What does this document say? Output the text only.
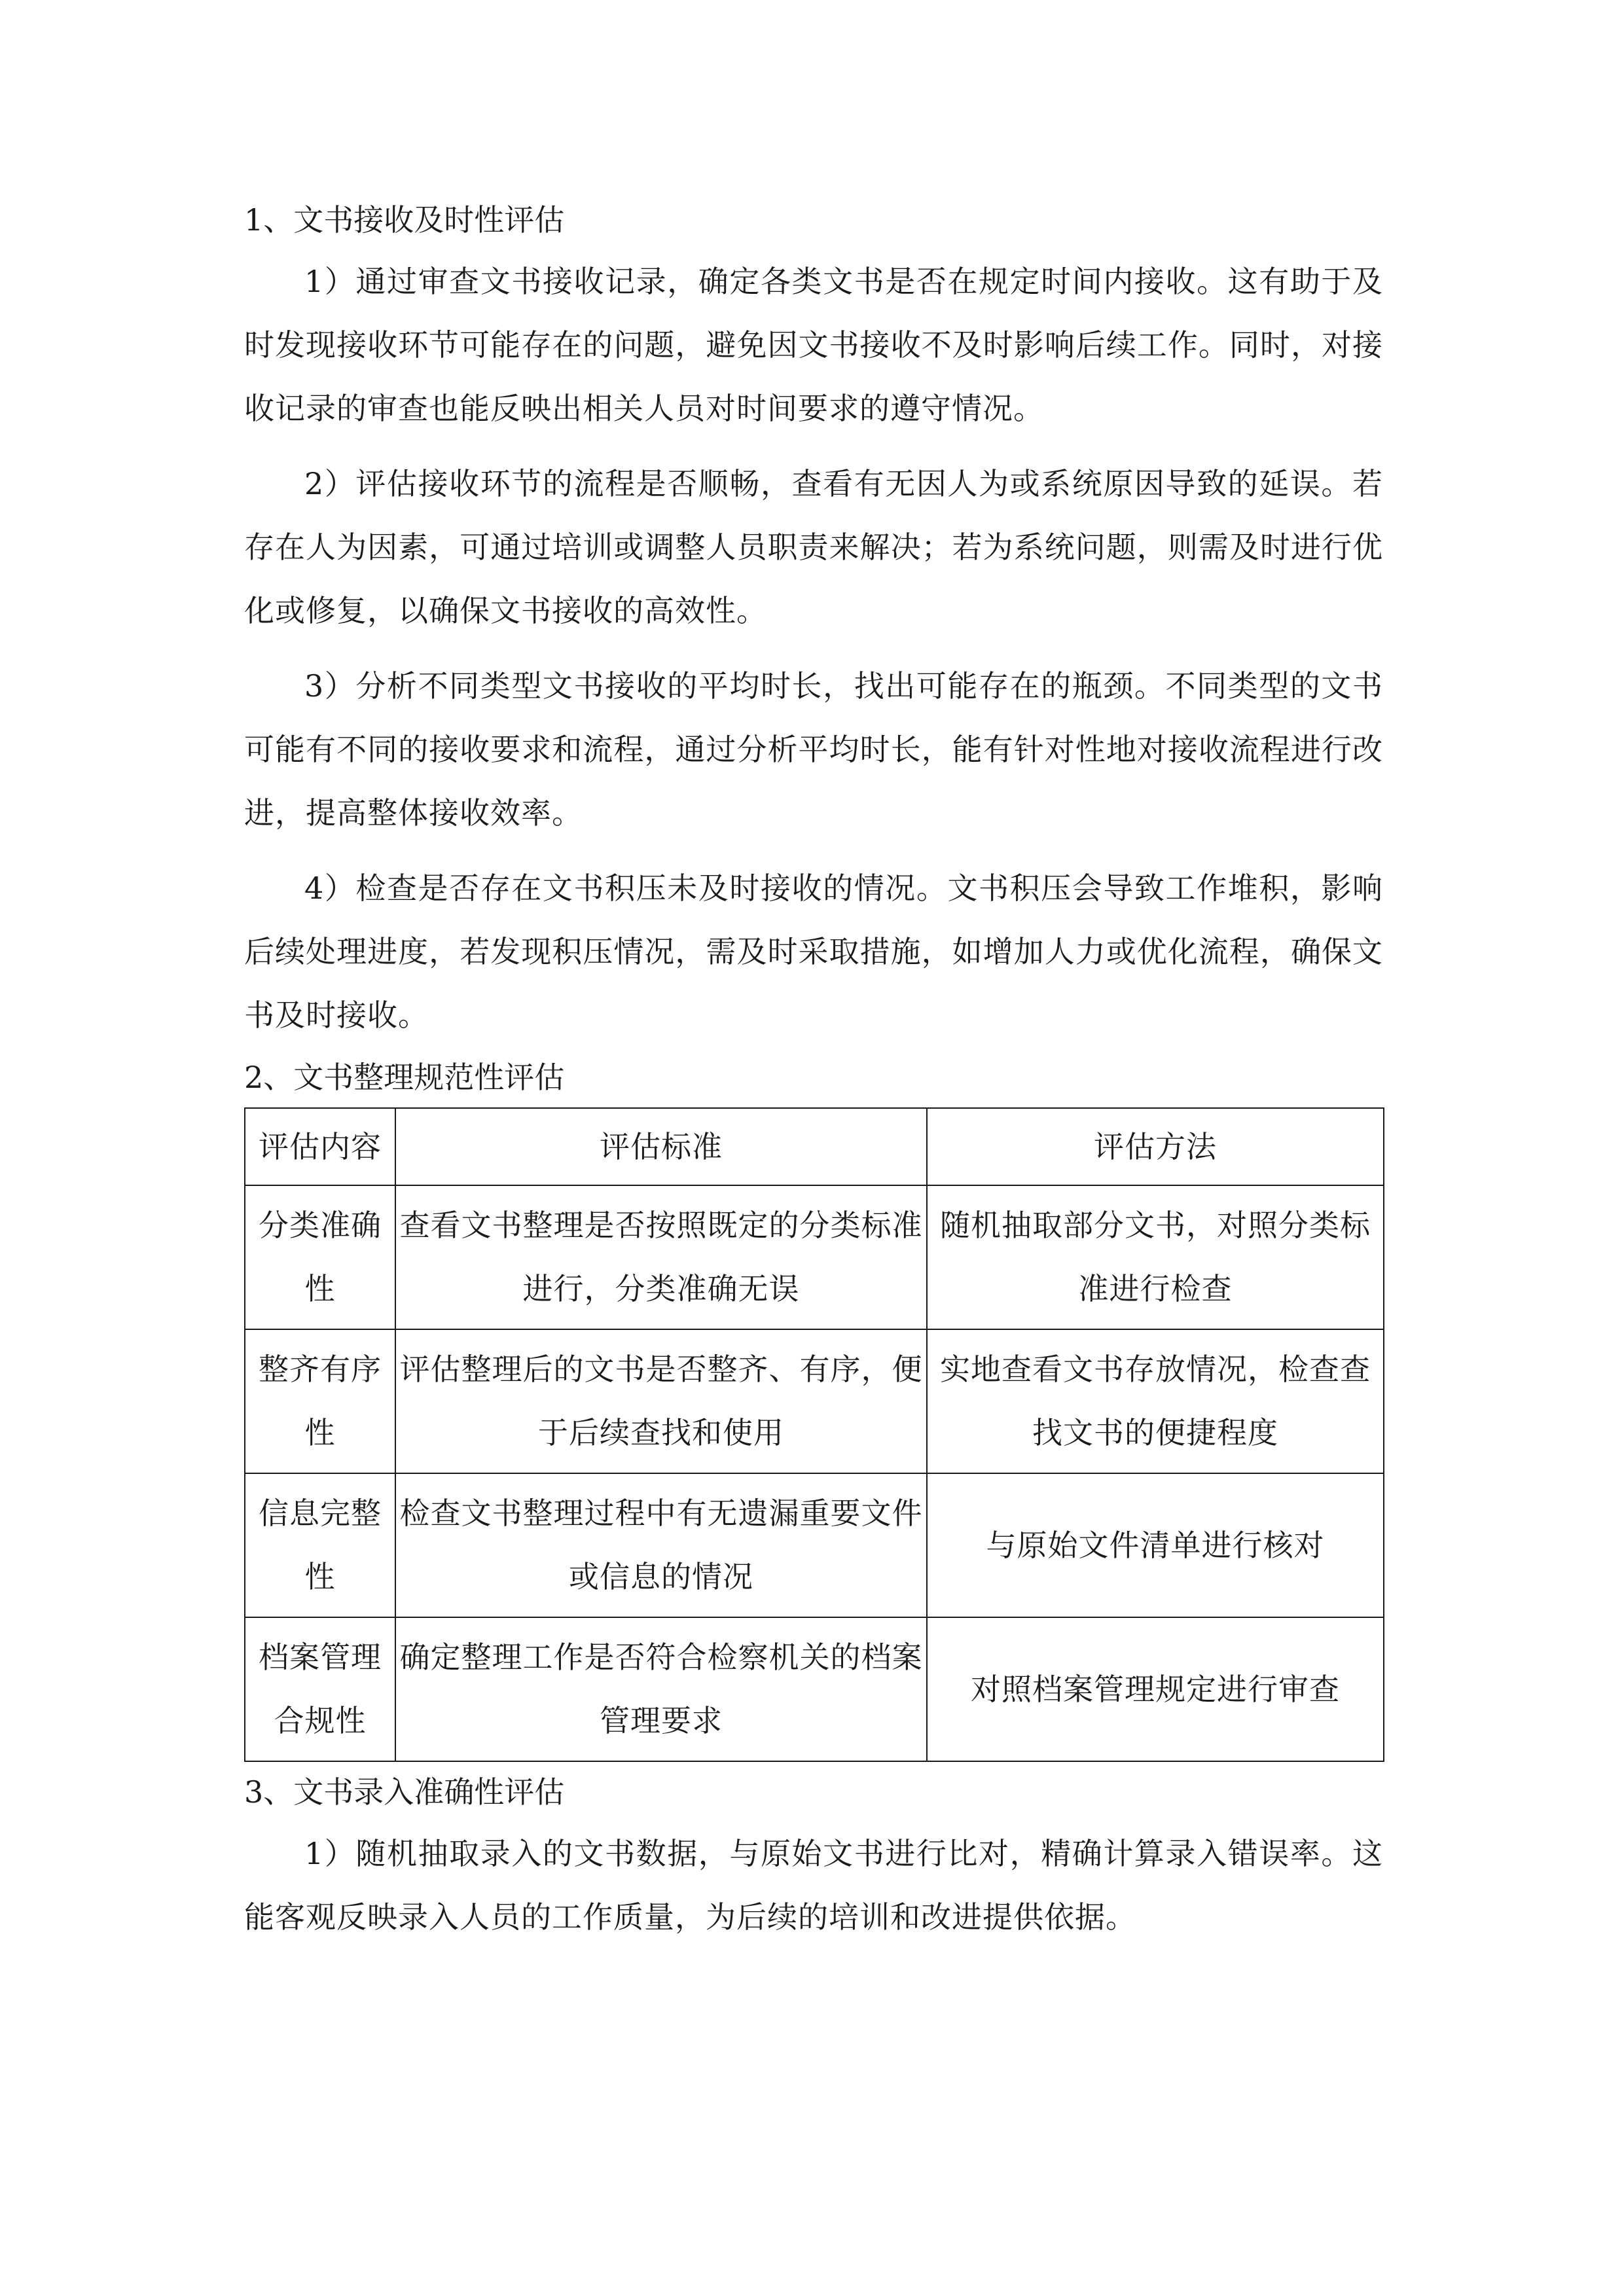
1、文书接收及时性评估

1）通过审查文书接收记录，确定各类文书是否在规定时间内接收。这有助于及时发现接收环节可能存在的问题，避免因文书接收不及时影响后续工作。同时，对接收记录的审查也能反映出相关人员对时间要求的遵守情况。

2）评估接收环节的流程是否顺畅，查看有无因人为或系统原因导致的延误。若存在人为因素，可通过培训或调整人员职责来解决；若为系统问题，则需及时进行优化或修复，以确保文书接收的高效性。

3）分析不同类型文书接收的平均时长，找出可能存在的瓶颈。不同类型的文书可能有不同的接收要求和流程，通过分析平均时长，能有针对性地对接收流程进行改进，提高整体接收效率。

4）检查是否存在文书积压未及时接收的情况。文书积压会导致工作堆积，影响后续处理进度，若发现积压情况，需及时采取措施，如增加人力或优化流程，确保文书及时接收。

2、文书整理规范性评估

评估内容	评估标准	评估方法
分类准确性	查看文书整理是否按照既定的分类标准进行，分类准确无误	随机抽取部分文书，对照分类标准进行检查
整齐有序性	评估整理后的文书是否整齐、有序，便于后续查找和使用	实地查看文书存放情况，检查查找文书的便捷程度
信息完整性	检查文书整理过程中有无遗漏重要文件或信息的情况	与原始文件清单进行核对
档案管理合规性	确定整理工作是否符合检察机关的档案管理要求	对照档案管理规定进行审查

3、文书录入准确性评估

1）随机抽取录入的文书数据，与原始文书进行比对，精确计算录入错误率。这能客观反映录入人员的工作质量，为后续的培训和改进提供依据。
